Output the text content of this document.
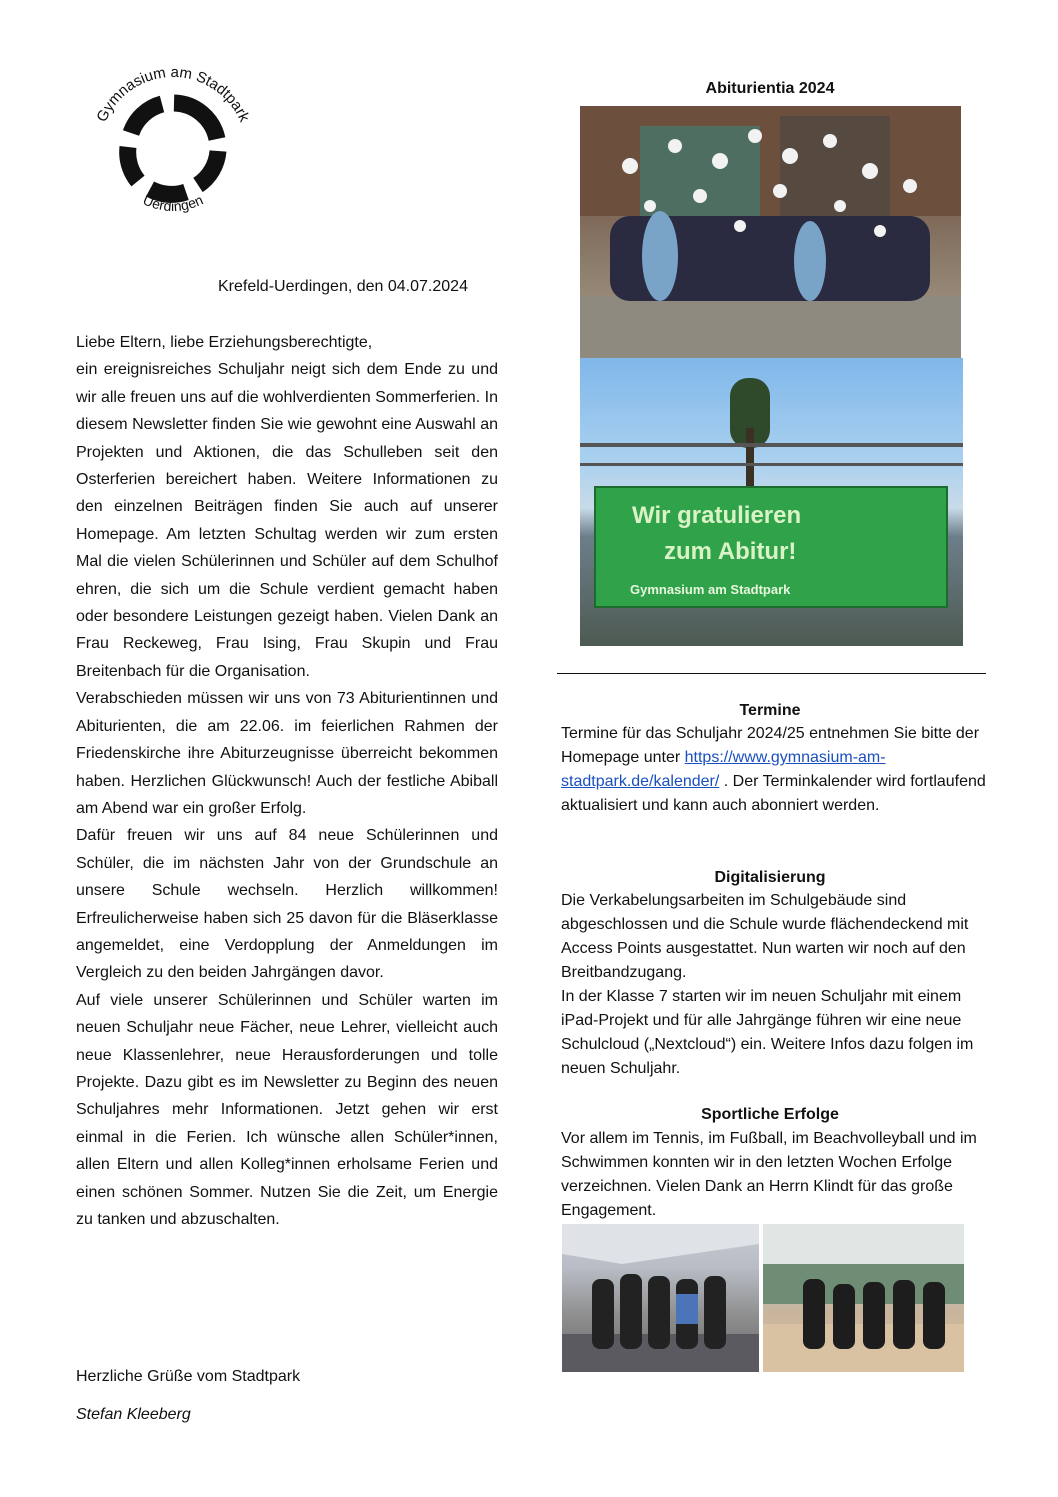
Gymnasium am Stadtpark
Uerdingen
Krefeld-Uerdingen, den 04.07.2024

Liebe Eltern, liebe Erziehungsberechtigte,

ein ereignisreiches Schuljahr neigt sich dem Ende zu und wir alle freuen uns auf die wohlverdienten Sommerferien. In diesem Newsletter finden Sie wie gewohnt eine Auswahl an Projekten und Aktionen, die das Schulleben seit den Osterferien bereichert haben. Weitere Informationen zu den einzelnen Beiträgen finden Sie auch auf unserer Homepage. Am letzten Schultag werden wir zum ersten Mal die vielen Schülerinnen und Schüler auf dem Schulhof ehren, die sich um die Schule verdient gemacht haben oder besondere Leistungen gezeigt haben. Vielen Dank an Frau Reckeweg, Frau Ising, Frau Skupin und Frau Breitenbach für die Organisation.

Verabschieden müssen wir uns von 73 Abiturientinnen und Abiturienten, die am 22.06. im feierlichen Rahmen der Friedenskirche ihre Abiturzeugnisse überreicht bekommen haben. Herzlichen Glückwunsch! Auch der festliche Abiball am Abend war ein großer Erfolg.

Dafür freuen wir uns auf 84 neue Schülerinnen und Schüler, die im nächsten Jahr von der Grundschule an unsere Schule wechseln. Herzlich willkommen! Erfreulicherweise haben sich 25 davon für die Bläserklasse angemeldet, eine Verdopplung der Anmeldungen im Vergleich zu den beiden Jahrgängen davor.

Auf viele unserer Schülerinnen und Schüler warten im neuen Schuljahr neue Fächer, neue Lehrer, vielleicht auch neue Klassenlehrer, neue Herausforderungen und tolle Projekte. Dazu gibt es im Newsletter zu Beginn des neuen Schuljahres mehr Informationen. Jetzt gehen wir erst einmal in die Ferien. Ich wünsche allen Schüler*innen, allen Eltern und allen Kolleg*innen erholsame Ferien und einen schönen Sommer. Nutzen Sie die Zeit, um Energie zu tanken und abzuschalten.

Herzliche Grüße vom Stadtpark
Stefan Kleeberg
Abiturientia 2024
Wir gratulieren
zum Abitur!
Gymnasium am Stadtpark
Termine
Termine für das Schuljahr 2024/25 entnehmen Sie bitte der Homepage unter https://www.gymnasium-am-stadtpark.de/kalender/ . Der Terminkalender wird fortlaufend aktualisiert und kann auch abonniert werden.
Digitalisierung
Die Verkabelungsarbeiten im Schulgebäude sind abgeschlossen und die Schule wurde flächendeckend mit Access Points ausgestattet. Nun warten wir noch auf den Breitbandzugang.
In der Klasse 7 starten wir im neuen Schuljahr mit einem iPad-Projekt und für alle Jahrgänge führen wir eine neue Schulcloud („Nextcloud“) ein. Weitere Infos dazu folgen im neuen Schuljahr.
Sportliche Erfolge
Vor allem im Tennis, im Fußball, im Beachvolleyball und im Schwimmen konnten wir in den letzten Wochen Erfolge verzeichnen. Vielen Dank an Herrn Klindt für das große Engagement.
